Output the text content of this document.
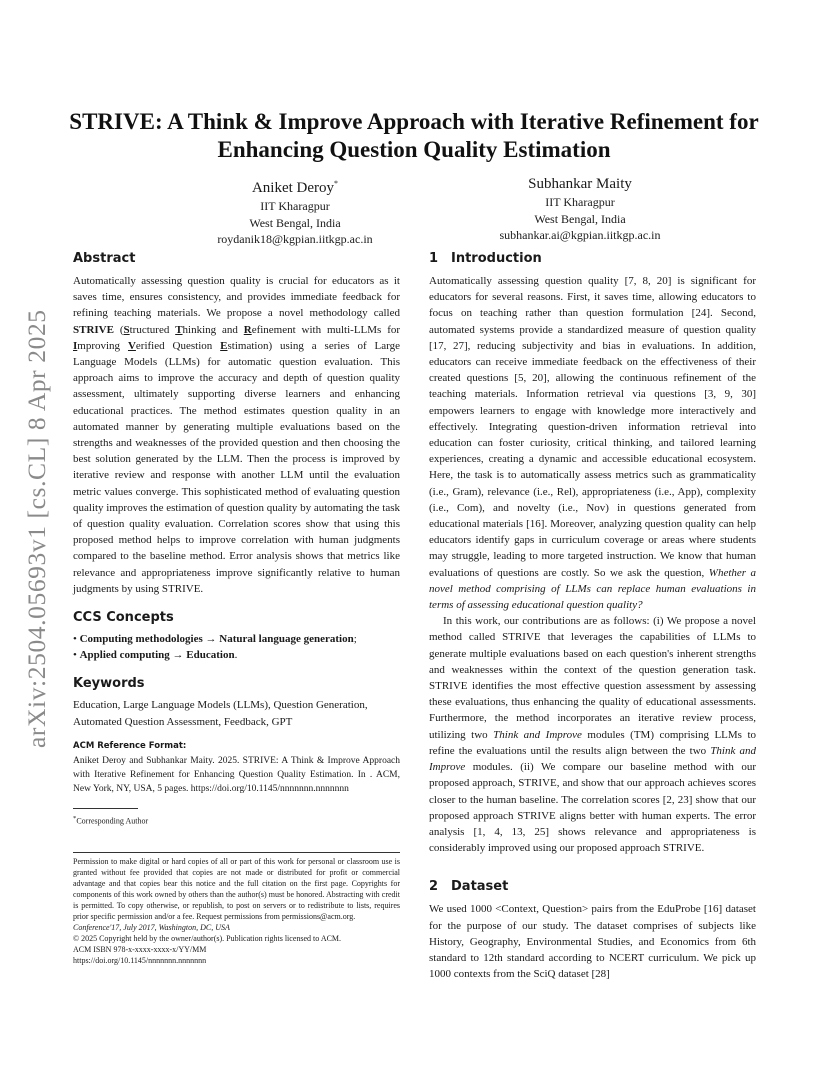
arXiv:2504.05693v1 [cs.CL] 8 Apr 2025
STRIVE: A Think & Improve Approach with Iterative Refinement for Enhancing Question Quality Estimation
Aniket Deroy*
IIT Kharagpur
West Bengal, India
roydanik18@kgpian.iitkgp.ac.in
Subhankar Maity
IIT Kharagpur
West Bengal, India
subhankar.ai@kgpian.iitkgp.ac.in
Abstract

Automatically assessing question quality is crucial for educators as it saves time, ensures consistency, and provides immediate feedback for refining teaching materials. We propose a novel methodology called STRIVE (Structured Thinking and Refinement with multi-LLMs for Improving Verified Question Estimation) using a series of Large Language Models (LLMs) for automatic question evaluation. This approach aims to improve the accuracy and depth of question quality assessment, ultimately supporting diverse learners and enhancing educational practices. The method estimates question quality in an automated manner by generating multiple evaluations based on the strengths and weaknesses of the provided question and then choosing the best solution generated by the LLM. Then the process is improved by iterative review and response with another LLM until the evaluation metric values converge. This sophisticated method of evaluating question quality improves the estimation of question quality by automating the task of question quality evaluation. Correlation scores show that using this proposed method helps to improve correlation with human judgments compared to the baseline method. Error analysis shows that metrics like relevance and appropriateness improve significantly relative to human judgments by using STRIVE.

CCS Concepts

• Computing methodologies → Natural language generation;

• Applied computing → Education.

Keywords

Education, Large Language Models (LLMs), Question Generation, Automated Question Assessment, Feedback, GPT

ACM Reference Format:

Aniket Deroy and Subhankar Maity. 2025. STRIVE: A Think & Improve Approach with Iterative Refinement for Enhancing Question Quality Estimation. In . ACM, New York, NY, USA, 5 pages. https://doi.org/10.1145/nnnnnnn.nnnnnnn

*Corresponding Author

Permission to make digital or hard copies of all or part of this work for personal or classroom use is granted without fee provided that copies are not made or distributed for profit or commercial advantage and that copies bear this notice and the full citation on the first page. Copyrights for components of this work owned by others than the author(s) must be honored. Abstracting with credit is permitted. To copy otherwise, or republish, to post on servers or to redistribute to lists, requires prior specific permission and/or a fee. Request permissions from permissions@acm.org.

Conference'17, July 2017, Washington, DC, USA

© 2025 Copyright held by the owner/author(s). Publication rights licensed to ACM.

ACM ISBN 978-x-xxxx-xxxx-x/YY/MM

https://doi.org/10.1145/nnnnnnn.nnnnnnn

1 Introduction

Automatically assessing question quality [7, 8, 20] is significant for educators for several reasons. First, it saves time, allowing educators to focus on teaching rather than question formulation [24]. Second, automated systems provide a standardized measure of question quality [17, 27], reducing subjectivity and bias in evaluations. In addition, educators can receive immediate feedback on the effectiveness of their created questions [5, 20], allowing the continuous refinement of the teaching materials. Information retrieval via questions [3, 9, 30] empowers learners to engage with knowledge more interactively and effectively. Integrating question-driven information retrieval into education can foster curiosity, critical thinking, and tailored learning experiences, creating a dynamic and accessible educational ecosystem. Here, the task is to automatically assess metrics such as grammaticality (i.e., Gram), relevance (i.e., Rel), appropriateness (i.e., App), complexity (i.e., Com), and novelty (i.e., Nov) in questions generated from educational materials [16]. Moreover, analyzing question quality can help educators identify gaps in curriculum coverage or areas where students may struggle, leading to more targeted instruction. We know that human evaluations of questions are costly. So we ask the question, Whether a novel method comprising of LLMs can replace human evaluations in terms of assessing educational question quality?

In this work, our contributions are as follows: (i) We propose a novel method called STRIVE that leverages the capabilities of LLMs to generate multiple evaluations based on each question's inherent strengths and weaknesses within the context of the question generation task. STRIVE identifies the most effective question assessment by assessing these evaluations, thus enhancing the quality of educational assessments. Furthermore, the method incorporates an iterative review process, utilizing two Think and Improve modules (TM) comprising LLMs to refine the evaluations until the results align between the two Think and Improve modules. (ii) We compare our baseline method with our proposed approach, STRIVE, and show that our approach achieves scores closer to the human baseline. The correlation scores [2, 23] show that our proposed approach STRIVE aligns better with human experts. The error analysis [1, 4, 13, 25] shows relevance and appropriateness is considerably improved using our proposed approach STRIVE.

2 Dataset

We used 1000 <Context, Question> pairs from the EduProbe [16] dataset for the purpose of our study. The dataset comprises of subjects like History, Geography, Environmental Studies, and Economics from 6th standard to 12th standard according to NCERT curriculum. We pick up 1000 contexts from the SciQ dataset [28]
